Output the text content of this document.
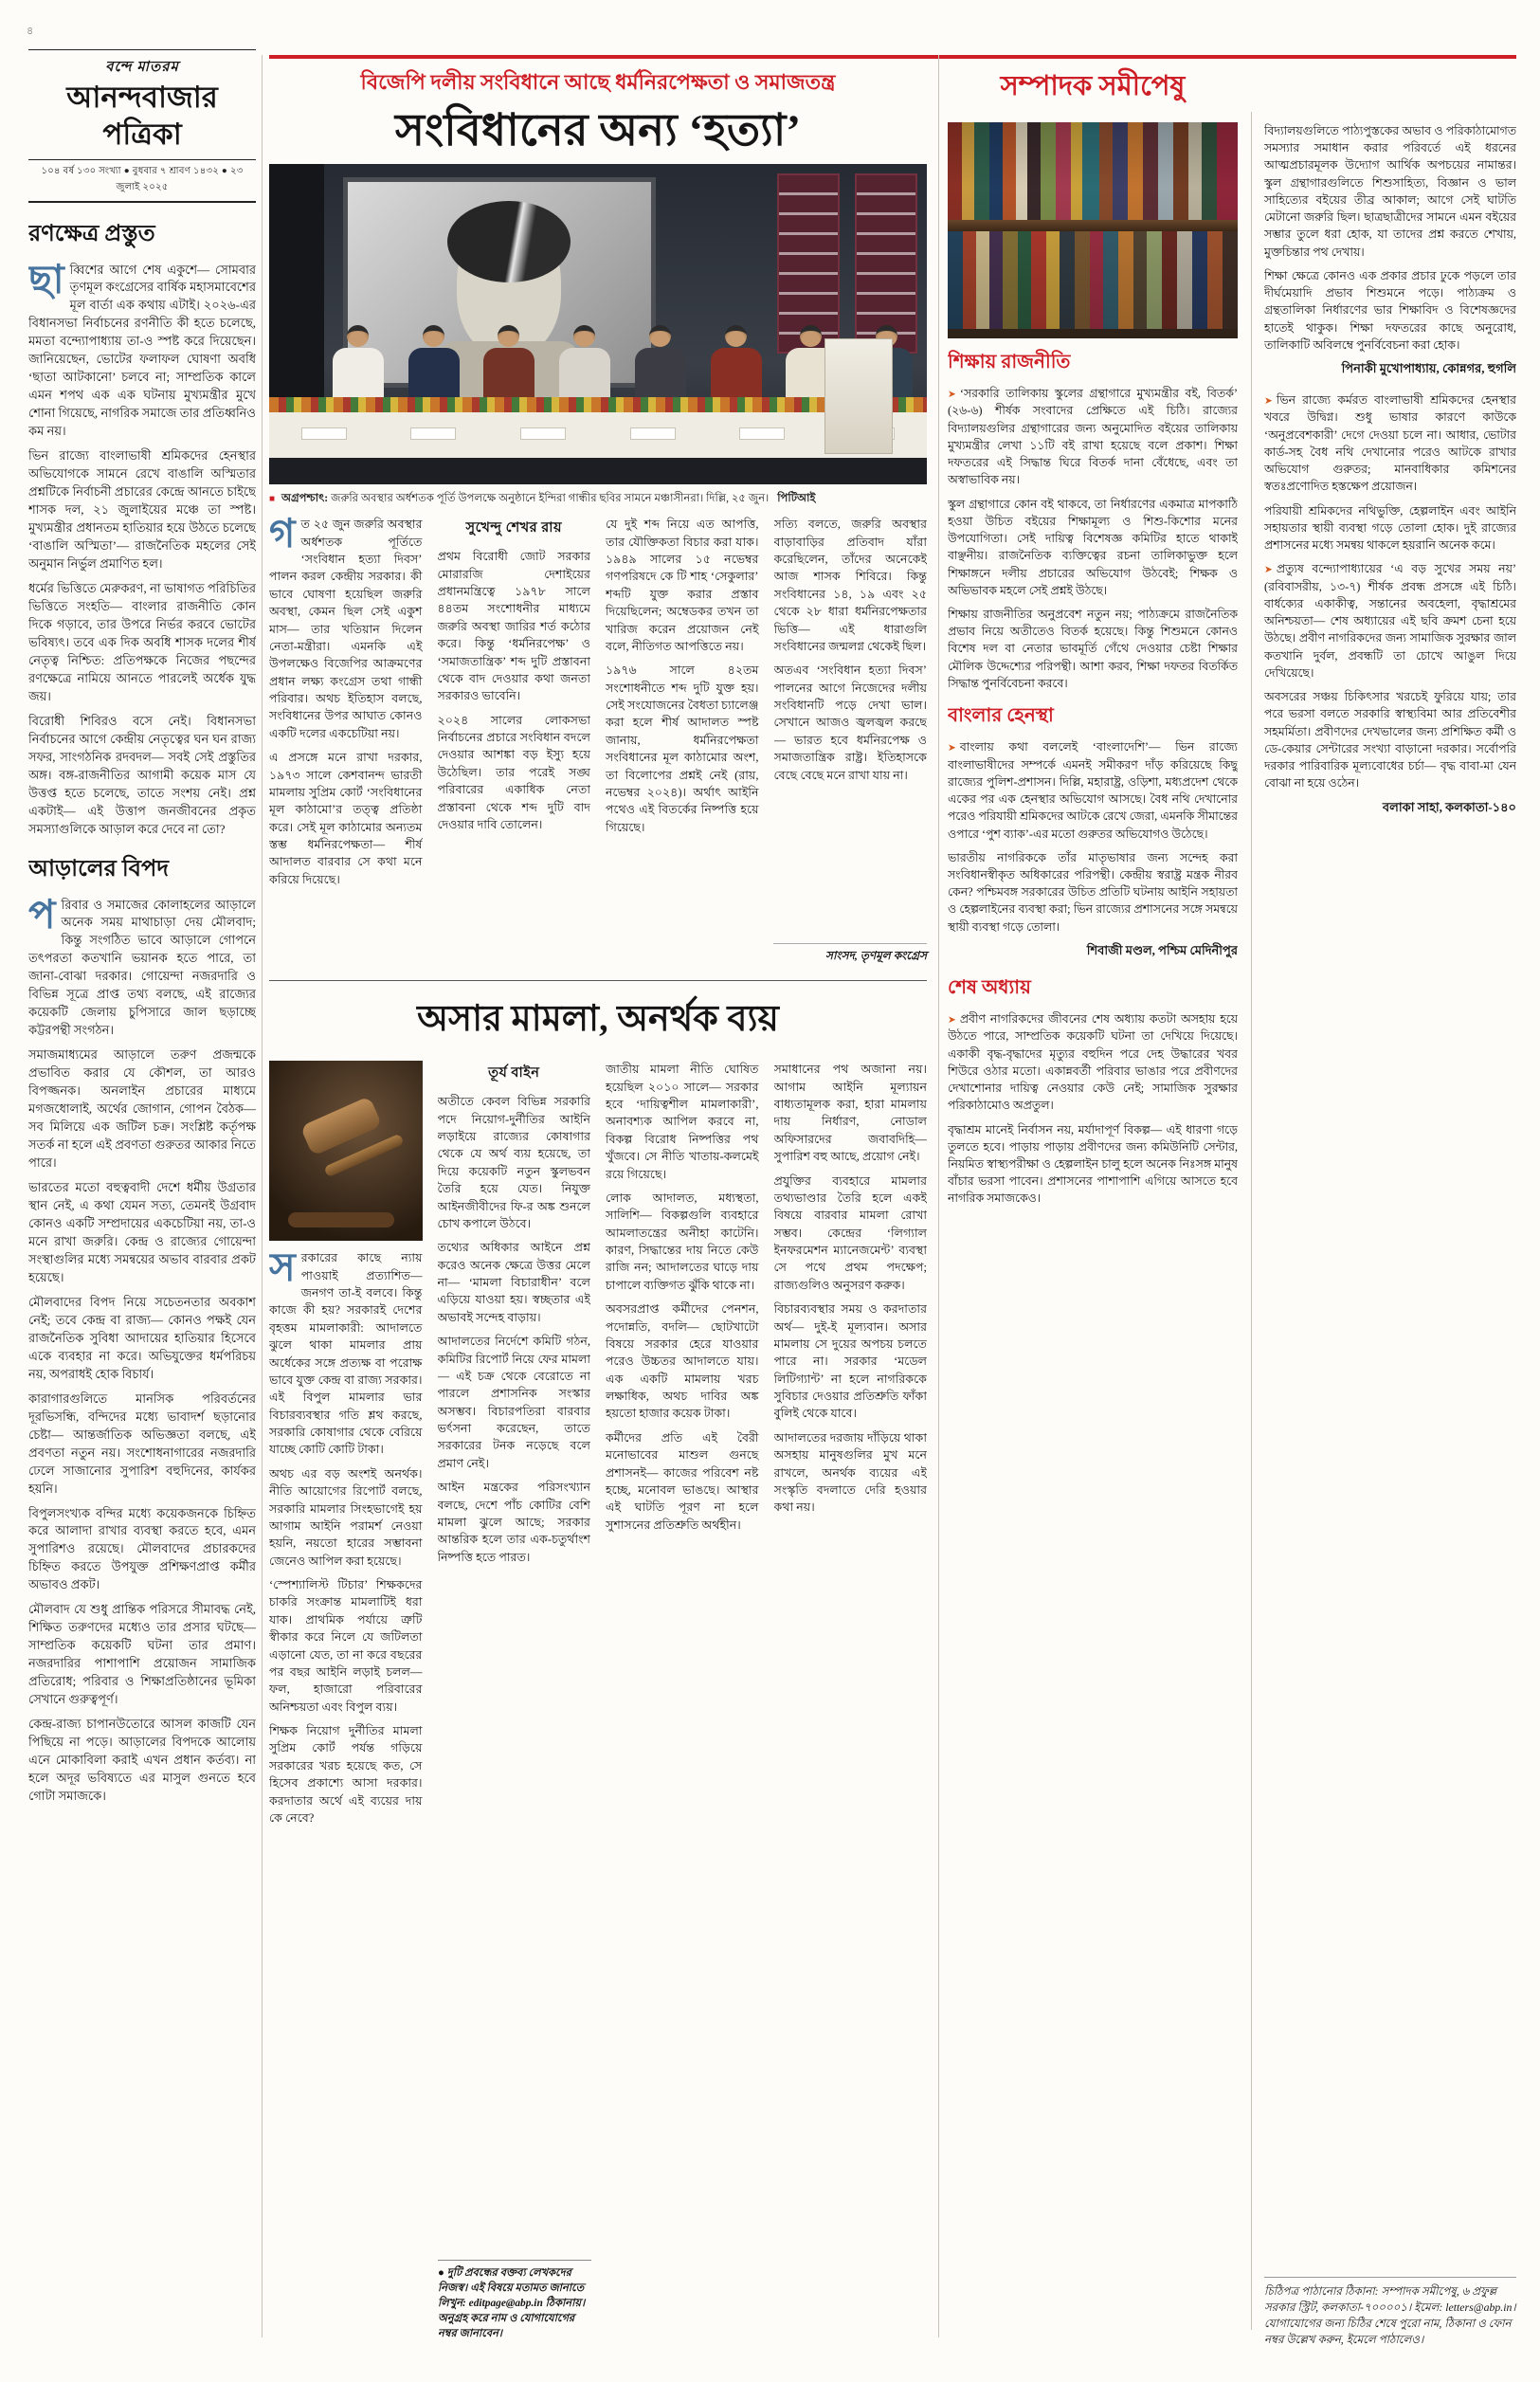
৪
বন্দে মাতরম
আনন্দবাজার পত্রিকা
১০৪ বর্ষ ১৩০ সংখ্যা ● বুধবার ৭ শ্রাবণ ১৪৩২ ● ২৩ জুলাই ২০২৫
রণক্ষেত্র প্রস্তুত

ছাব্বিশের আগে শেষ একুশে— সোমবার তৃণমূল কংগ্রেসের বার্ষিক মহাসমাবেশের মূল বার্তা এক কথায় এটাই। ২০২৬-এর বিধানসভা নির্বাচনের রণনীতি কী হতে চলেছে, মমতা বন্দ্যোপাধ্যায় তা-ও স্পষ্ট করে দিয়েছেন। জানিয়েছেন, ভোটের ফলাফল ঘোষণা অবধি ‘ছাতা আটকানো’ চলবে না; সাম্প্রতিক কালে এমন শপথ এক এক ঘটনায় মুখ্যমন্ত্রীর মুখে শোনা গিয়েছে, নাগরিক সমাজে তার প্রতিধ্বনিও কম নয়।

ভিন রাজ্যে বাংলাভাষী শ্রমিকদের হেনস্থার অভিযোগকে সামনে রেখে বাঙালি অস্মিতার প্রশ্নটিকে নির্বাচনী প্রচারের কেন্দ্রে আনতে চাইছে শাসক দল, ২১ জুলাইয়ের মঞ্চে তা স্পষ্ট। মুখ্যমন্ত্রীর প্রধানতম হাতিয়ার হয়ে উঠতে চলেছে ‘বাঙালি অস্মিতা’— রাজনৈতিক মহলের সেই অনুমান নির্ভুল প্রমাণিত হল।

ধর্মের ভিত্তিতে মেরুকরণ, না ভাষাগত পরিচিতির ভিত্তিতে সংহতি— বাংলার রাজনীতি কোন দিকে গড়াবে, তার উপরে নির্ভর করবে ভোটের ভবিষ্যৎ। তবে এক দিক অবধি শাসক দলের শীর্ষ নেতৃত্ব নিশ্চিত: প্রতিপক্ষকে নিজের পছন্দের রণক্ষেত্রে নামিয়ে আনতে পারলেই অর্ধেক যুদ্ধ জয়।

বিরোধী শিবিরও বসে নেই। বিধানসভা নির্বাচনের আগে কেন্দ্রীয় নেতৃত্বের ঘন ঘন রাজ্য সফর, সাংগঠনিক রদবদল— সবই সেই প্রস্তুতির অঙ্গ। বঙ্গ-রাজনীতির আগামী কয়েক মাস যে উত্তপ্ত হতে চলেছে, তাতে সংশয় নেই। প্রশ্ন একটাই— এই উত্তাপ জনজীবনের প্রকৃত সমস্যাগুলিকে আড়াল করে দেবে না তো?

আড়ালের বিপদ

পরিবার ও সমাজের কোলাহলের আড়ালে অনেক সময় মাথাচাড়া দেয় মৌলবাদ; কিন্তু সংগঠিত ভাবে আড়ালে গোপনে তৎপরতা কতখানি ভয়ানক হতে পারে, তা জানা-বোঝা দরকার। গোয়েন্দা নজরদারি ও বিভিন্ন সূত্রে প্রাপ্ত তথ্য বলছে, এই রাজ্যের কয়েকটি জেলায় চুপিসারে জাল ছড়াচ্ছে কট্টরপন্থী সংগঠন।

সমাজমাধ্যমের আড়ালে তরুণ প্রজন্মকে প্রভাবিত করার যে কৌশল, তা আরও বিপজ্জনক। অনলাইন প্রচারের মাধ্যমে মগজধোলাই, অর্থের জোগান, গোপন বৈঠক— সব মিলিয়ে এক জটিল চক্র। সংশ্লিষ্ট কর্তৃপক্ষ সতর্ক না হলে এই প্রবণতা গুরুতর আকার নিতে পারে।

ভারতের মতো বহুত্ববাদী দেশে ধর্মীয় উগ্রতার স্থান নেই, এ কথা যেমন সত্য, তেমনই উগ্রবাদ কোনও একটি সম্প্রদায়ের একচেটিয়া নয়, তা-ও মনে রাখা জরুরি। কেন্দ্র ও রাজ্যের গোয়েন্দা সংস্থাগুলির মধ্যে সমন্বয়ের অভাব বারবার প্রকট হয়েছে।

মৌলবাদের বিপদ নিয়ে সচেতনতার অবকাশ নেই; তবে কেন্দ্র বা রাজ্য— কোনও পক্ষই যেন রাজনৈতিক সুবিধা আদায়ের হাতিয়ার হিসেবে একে ব্যবহার না করে। অভিযুক্তের ধর্মপরিচয় নয়, অপরাধই হোক বিচার্য।

কারাগারগুলিতে মানসিক পরিবর্তনের দূরভিসন্ধি, বন্দিদের মধ্যে ভাবাদর্শ ছড়ানোর চেষ্টা— আন্তর্জাতিক অভিজ্ঞতা বলছে, এই প্রবণতা নতুন নয়। সংশোধনাগারের নজরদারি ঢেলে সাজানোর সুপারিশ বহুদিনের, কার্যকর হয়নি।

বিপুলসংখ্যক বন্দির মধ্যে কয়েকজনকে চিহ্নিত করে আলাদা রাখার ব্যবস্থা করতে হবে, এমন সুপারিশও রয়েছে। মৌলবাদের প্রচারকদের চিহ্নিত করতে উপযুক্ত প্রশিক্ষণপ্রাপ্ত কর্মীর অভাবও প্রকট।

মৌলবাদ যে শুধু প্রান্তিক পরিসরে সীমাবদ্ধ নেই, শিক্ষিত তরুণদের মধ্যেও তার প্রসার ঘটছে— সাম্প্রতিক কয়েকটি ঘটনা তার প্রমাণ। নজরদারির পাশাপাশি প্রয়োজন সামাজিক প্রতিরোধ; পরিবার ও শিক্ষাপ্রতিষ্ঠানের ভূমিকা সেখানে গুরুত্বপূর্ণ।

কেন্দ্র-রাজ্য চাপানউতোরে আসল কাজটি যেন পিছিয়ে না পড়ে। আড়ালের বিপদকে আলোয় এনে মোকাবিলা করাই এখন প্রধান কর্তব্য। না হলে অদূর ভবিষ্যতে এর মাসুল গুনতে হবে গোটা সমাজকে।

বিজেপি দলীয় সংবিধানে আছে ধর্মনিরপেক্ষতা ও সমাজতন্ত্র
সংবিধানের অন্য ‘হত্যা’
■ অগ্রপশ্চাৎ: জরুরি অবস্থার অর্ধশতক পূর্তি উপলক্ষে অনুষ্ঠানে ইন্দিরা গান্ধীর ছবির সামনে মঞ্চাসীনরা। দিল্লি, ২৫ জুন। পিটিআই

গত ২৫ জুন জরুরি অবস্থার অর্ধশতক পূর্তিতে ‘সংবিধান হত্যা দিবস’ পালন করল কেন্দ্রীয় সরকার। কী ভাবে ঘোষণা হয়েছিল জরুরি অবস্থা, কেমন ছিল সেই একুশ মাস— তার খতিয়ান দিলেন নেতা-মন্ত্রীরা। এমনকি এই উপলক্ষেও বিজেপির আক্রমণের প্রধান লক্ষ্য কংগ্রেস তথা গান্ধী পরিবার। অথচ ইতিহাস বলছে, সংবিধানের উপর আঘাত কোনও একটি দলের একচেটিয়া নয়।

এ প্রসঙ্গে মনে রাখা দরকার, ১৯৭৩ সালে কেশবানন্দ ভারতী মামলায় সুপ্রিম কোর্ট ‘সংবিধানের মূল কাঠামো’র তত্ত্ব প্রতিষ্ঠা করে। সেই মূল কাঠামোর অন্যতম স্তম্ভ ধর্মনিরপেক্ষতা— শীর্ষ আদালত বারবার সে কথা মনে করিয়ে দিয়েছে।

সুখেন্দু শেখর রায়

প্রথম বিরোধী জোট সরকার মোরারজি দেশাইয়ের প্রধানমন্ত্রিত্বে ১৯৭৮ সালে ৪৪তম সংশোধনীর মাধ্যমে জরুরি অবস্থা জারির শর্ত কঠোর করে। কিন্তু ‘ধর্মনিরপেক্ষ’ ও ‘সমাজতান্ত্রিক’ শব্দ দুটি প্রস্তাবনা থেকে বাদ দেওয়ার কথা জনতা সরকারও ভাবেনি।

২০২৪ সালের লোকসভা নির্বাচনের প্রচারে সংবিধান বদলে দেওয়ার আশঙ্কা বড় ইস্যু হয়ে উঠেছিল। তার পরেই সঙ্ঘ পরিবারের একাধিক নেতা প্রস্তাবনা থেকে শব্দ দুটি বাদ দেওয়ার দাবি তোলেন।

যে দুই শব্দ নিয়ে এত আপত্তি, তার যৌক্তিকতা বিচার করা যাক। ১৯৪৯ সালের ১৫ নভেম্বর গণপরিষদে কে টি শাহ ‘সেকুলার’ শব্দটি যুক্ত করার প্রস্তাব দিয়েছিলেন; অম্বেডকর তখন তা খারিজ করেন প্রয়োজন নেই বলে, নীতিগত আপত্তিতে নয়।

১৯৭৬ সালে ৪২তম সংশোধনীতে শব্দ দুটি যুক্ত হয়। সেই সংযোজনের বৈধতা চ্যালেঞ্জ করা হলে শীর্ষ আদালত স্পষ্ট জানায়, ধর্মনিরপেক্ষতা সংবিধানের মূল কাঠামোর অংশ, তা বিলোপের প্রশ্নই নেই (রায়, নভেম্বর ২০২৪)। অর্থাৎ আইনি পথেও এই বিতর্কের নিষ্পত্তি হয়ে গিয়েছে।

সত্যি বলতে, জরুরি অবস্থার বাড়াবাড়ির প্রতিবাদ যাঁরা করেছিলেন, তাঁদের অনেকেই আজ শাসক শিবিরে। কিন্তু সংবিধানের ১৪, ১৯ এবং ২৫ থেকে ২৮ ধারা ধর্মনিরপেক্ষতার ভিত্তি— এই ধারাগুলি সংবিধানের জন্মলগ্ন থেকেই ছিল।

অতএব ‘সংবিধান হত্যা দিবস’ পালনের আগে নিজেদের দলীয় সংবিধানটি পড়ে দেখা ভাল। সেখানে আজও জ্বলজ্বল করছে— ভারত হবে ধর্মনিরপেক্ষ ও সমাজতান্ত্রিক রাষ্ট্র। ইতিহাসকে বেছে বেছে মনে রাখা যায় না।

সাংসদ, তৃণমূল কংগ্রেস
অসার মামলা, অনর্থক ব্যয়

সরকারের কাছে ন্যায় পাওয়াই প্রত্যাশিত— জনগণ তা-ই বলবে। কিন্তু কাজে কী হয়? সরকারই দেশের বৃহত্তম মামলাকারী: আদালতে ঝুলে থাকা মামলার প্রায় অর্ধেকের সঙ্গে প্রত্যক্ষ বা পরোক্ষ ভাবে যুক্ত কেন্দ্র বা রাজ্য সরকার। এই বিপুল মামলার ভার বিচারব্যবস্থার গতি শ্লথ করছে, সরকারি কোষাগার থেকে বেরিয়ে যাচ্ছে কোটি কোটি টাকা।

অথচ এর বড় অংশই অনর্থক। নীতি আয়োগের রিপোর্ট বলছে, সরকারি মামলার সিংহভাগেই হয় আগাম আইনি পরামর্শ নেওয়া হয়নি, নয়তো হারের সম্ভাবনা জেনেও আপিল করা হয়েছে।

‘স্পেশ্যালিস্ট টিচার’ শিক্ষকদের চাকরি সংক্রান্ত মামলাটিই ধরা যাক। প্রাথমিক পর্যায়ে ত্রুটি স্বীকার করে নিলে যে জটিলতা এড়ানো যেত, তা না করে বছরের পর বছর আইনি লড়াই চলল— ফল, হাজারো পরিবারের অনিশ্চয়তা এবং বিপুল ব্যয়।

শিক্ষক নিয়োগ দুর্নীতির মামলা সুপ্রিম কোর্ট পর্যন্ত গড়িয়ে সরকারের খরচ হয়েছে কত, সে হিসেব প্রকাশ্যে আসা দরকার। করদাতার অর্থে এই ব্যয়ের দায় কে নেবে?

তূর্য বাইন

অতীতে কেবল বিভিন্ন সরকারি পদে নিয়োগ-দুর্নীতির আইনি লড়াইয়ে রাজ্যের কোষাগার থেকে যে অর্থ ব্যয় হয়েছে, তা দিয়ে কয়েকটি নতুন স্কুলভবন তৈরি হয়ে যেত। নিযুক্ত আইনজীবীদের ফি-র অঙ্ক শুনলে চোখ কপালে উঠবে।

তথ্যের অধিকার আইনে প্রশ্ন করেও অনেক ক্ষেত্রে উত্তর মেলে না— ‘মামলা বিচারাধীন’ বলে এড়িয়ে যাওয়া হয়। স্বচ্ছতার এই অভাবই সন্দেহ বাড়ায়।

আদালতের নির্দেশে কমিটি গঠন, কমিটির রিপোর্ট নিয়ে ফের মামলা— এই চক্র থেকে বেরোতে না পারলে প্রশাসনিক সংস্কার অসম্ভব। বিচারপতিরা বারবার ভর্ৎসনা করেছেন, তাতে সরকারের টনক নড়েছে বলে প্রমাণ নেই।

আইন মন্ত্রকের পরিসংখ্যান বলছে, দেশে পাঁচ কোটির বেশি মামলা ঝুলে আছে; সরকার আন্তরিক হলে তার এক-চতুর্থাংশ নিষ্পত্তি হতে পারত।

জাতীয় মামলা নীতি ঘোষিত হয়েছিল ২০১০ সালে— সরকার হবে ‘দায়িত্বশীল মামলাকারী’, অনাবশ্যক আপিল করবে না, বিকল্প বিরোধ নিষ্পত্তির পথ খুঁজবে। সে নীতি খাতায়-কলমেই রয়ে গিয়েছে।

লোক আদালত, মধ্যস্থতা, সালিশি— বিকল্পগুলি ব্যবহারে আমলাতন্ত্রের অনীহা কাটেনি। কারণ, সিদ্ধান্তের দায় নিতে কেউ রাজি নন; আদালতের ঘাড়ে দায় চাপালে ব্যক্তিগত ঝুঁকি থাকে না।

অবসরপ্রাপ্ত কর্মীদের পেনশন, পদোন্নতি, বদলি— ছোটখাটো বিষয়ে সরকার হেরে যাওয়ার পরেও উচ্চতর আদালতে যায়। এক একটি মামলায় খরচ লক্ষাধিক, অথচ দাবির অঙ্ক হয়তো হাজার কয়েক টাকা।

কর্মীদের প্রতি এই বৈরী মনোভাবের মাশুল গুনছে প্রশাসনই— কাজের পরিবেশ নষ্ট হচ্ছে, মনোবল ভাঙছে। আস্থার এই ঘাটতি পূরণ না হলে সুশাসনের প্রতিশ্রুতি অর্থহীন।

সমাধানের পথ অজানা নয়। আগাম আইনি মূল্যায়ন বাধ্যতামূলক করা, হারা মামলায় দায় নির্ধারণ, নোডাল অফিসারদের জবাবদিহি— সুপারিশ বহু আছে, প্রয়োগ নেই।

প্রযুক্তির ব্যবহারে মামলার তথ্যভাণ্ডার তৈরি হলে একই বিষয়ে বারবার মামলা রোখা সম্ভব। কেন্দ্রের ‘লিগ্যাল ইনফরমেশন ম্যানেজমেন্ট’ ব্যবস্থা সে পথে প্রথম পদক্ষেপ; রাজ্যগুলিও অনুসরণ করুক।

বিচারব্যবস্থার সময় ও করদাতার অর্থ— দুই-ই মূল্যবান। অসার মামলায় সে দুয়ের অপচয় চলতে পারে না। সরকার ‘মডেল লিটিগ্যান্ট’ না হলে নাগরিককে সুবিচার দেওয়ার প্রতিশ্রুতি ফাঁকা বুলিই থেকে যাবে।

আদালতের দরজায় দাঁড়িয়ে থাকা অসহায় মানুষগুলির মুখ মনে রাখলে, অনর্থক ব্যয়ের এই সংস্কৃতি বদলাতে দেরি হওয়ার কথা নয়।

● দুটি প্রবন্ধের বক্তব্য লেখকদের নিজস্ব। এই বিষয়ে মতামত জানাতে লিখুন: editpage@abp.in ঠিকানায়। অনুগ্রহ করে নাম ও যোগাযোগের নম্বর জানাবেন।
সম্পাদক সমীপেষু
শিক্ষায় রাজনীতি

➤ ‘সরকারি তালিকায় স্কুলের গ্রন্থাগারে মুখ্যমন্ত্রীর বই, বিতর্ক’ (২৬-৬) শীর্ষক সংবাদের প্রেক্ষিতে এই চিঠি। রাজ্যের বিদ্যালয়গুলির গ্রন্থাগারের জন্য অনুমোদিত বইয়ের তালিকায় মুখ্যমন্ত্রীর লেখা ১১টি বই রাখা হয়েছে বলে প্রকাশ। শিক্ষা দফতরের এই সিদ্ধান্ত ঘিরে বিতর্ক দানা বেঁধেছে, এবং তা অস্বাভাবিক নয়।

স্কুল গ্রন্থাগারে কোন বই থাকবে, তা নির্ধারণের একমাত্র মাপকাঠি হওয়া উচিত বইয়ের শিক্ষামূল্য ও শিশু-কিশোর মনের উপযোগিতা। সেই দায়িত্ব বিশেষজ্ঞ কমিটির হাতে থাকাই বাঞ্ছনীয়। রাজনৈতিক ব্যক্তিত্বের রচনা তালিকাভুক্ত হলে শিক্ষাঙ্গনে দলীয় প্রচারের অভিযোগ উঠবেই; শিক্ষক ও অভিভাবক মহলে সেই প্রশ্নই উঠছে।

শিক্ষায় রাজনীতির অনুপ্রবেশ নতুন নয়; পাঠ্যক্রমে রাজনৈতিক প্রভাব নিয়ে অতীতেও বিতর্ক হয়েছে। কিন্তু শিশুমনে কোনও বিশেষ দল বা নেতার ভাবমূর্তি গেঁথে দেওয়ার চেষ্টা শিক্ষার মৌলিক উদ্দেশ্যের পরিপন্থী। আশা করব, শিক্ষা দফতর বিতর্কিত সিদ্ধান্ত পুনর্বিবেচনা করবে।

বাংলার হেনস্থা

➤ বাংলায় কথা বললেই ‘বাংলাদেশি’— ভিন রাজ্যে বাংলাভাষীদের সম্পর্কে এমনই সমীকরণ দাঁড় করিয়েছে কিছু রাজ্যের পুলিশ-প্রশাসন। দিল্লি, মহারাষ্ট্র, ওড়িশা, মধ্যপ্রদেশ থেকে একের পর এক হেনস্থার অভিযোগ আসছে। বৈধ নথি দেখানোর পরেও পরিযায়ী শ্রমিকদের আটকে রেখে জেরা, এমনকি সীমান্তের ওপারে ‘পুশ ব্যাক’-এর মতো গুরুতর অভিযোগও উঠেছে।

ভারতীয় নাগরিককে তাঁর মাতৃভাষার জন্য সন্দেহ করা সংবিধানস্বীকৃত অধিকারের পরিপন্থী। কেন্দ্রীয় স্বরাষ্ট্র মন্ত্রক নীরব কেন? পশ্চিমবঙ্গ সরকারের উচিত প্রতিটি ঘটনায় আইনি সহায়তা ও হেল্পলাইনের ব্যবস্থা করা; ভিন রাজ্যের প্রশাসনের সঙ্গে সমন্বয়ে স্থায়ী ব্যবস্থা গড়ে তোলা।

শিবাজী মণ্ডল, পশ্চিম মেদিনীপুর
শেষ অধ্যায়

➤ প্রবীণ নাগরিকদের জীবনের শেষ অধ্যায় কতটা অসহায় হয়ে উঠতে পারে, সাম্প্রতিক কয়েকটি ঘটনা তা দেখিয়ে দিয়েছে। একাকী বৃদ্ধ-বৃদ্ধাদের মৃত্যুর বহুদিন পরে দেহ উদ্ধারের খবর শিউরে ওঠার মতো। একান্নবর্তী পরিবার ভাঙার পরে প্রবীণদের দেখাশোনার দায়িত্ব নেওয়ার কেউ নেই; সামাজিক সুরক্ষার পরিকাঠামোও অপ্রতুল।

বৃদ্ধাশ্রম মানেই নির্বাসন নয়, মর্যাদাপূর্ণ বিকল্প— এই ধারণা গড়ে তুলতে হবে। পাড়ায় পাড়ায় প্রবীণদের জন্য কমিউনিটি সেন্টার, নিয়মিত স্বাস্থ্যপরীক্ষা ও হেল্পলাইন চালু হলে অনেক নিঃসঙ্গ মানুষ বাঁচার ভরসা পাবেন। প্রশাসনের পাশাপাশি এগিয়ে আসতে হবে নাগরিক সমাজকেও।

বিদ্যালয়গুলিতে পাঠ্যপুস্তকের অভাব ও পরিকাঠামোগত সমস্যার সমাধান করার পরিবর্তে এই ধরনের আত্মপ্রচারমূলক উদ্যোগ আর্থিক অপচয়ের নামান্তর। স্কুল গ্রন্থাগারগুলিতে শিশুসাহিত্য, বিজ্ঞান ও ভাল সাহিত্যের বইয়ের তীব্র আকাল; আগে সেই ঘাটতি মেটানো জরুরি ছিল। ছাত্রছাত্রীদের সামনে এমন বইয়ের সম্ভার তুলে ধরা হোক, যা তাদের প্রশ্ন করতে শেখায়, মুক্তচিন্তার পথ দেখায়।

শিক্ষা ক্ষেত্রে কোনও এক প্রকার প্রচার ঢুকে পড়লে তার দীর্ঘমেয়াদি প্রভাব শিশুমনে পড়ে। পাঠ্যক্রম ও গ্রন্থতালিকা নির্ধারণের ভার শিক্ষাবিদ ও বিশেষজ্ঞদের হাতেই থাকুক। শিক্ষা দফতরের কাছে অনুরোধ, তালিকাটি অবিলম্বে পুনর্বিবেচনা করা হোক।

পিনাকী মুখোপাধ্যায়, কোন্নগর, হুগলি

➤ ভিন রাজ্যে কর্মরত বাংলাভাষী শ্রমিকদের হেনস্থার খবরে উদ্বিগ্ন। শুধু ভাষার কারণে কাউকে ‘অনুপ্রবেশকারী’ দেগে দেওয়া চলে না। আধার, ভোটার কার্ড-সহ বৈধ নথি দেখানোর পরেও আটকে রাখার অভিযোগ গুরুতর; মানবাধিকার কমিশনের স্বতঃপ্রণোদিত হস্তক্ষেপ প্রয়োজন।

পরিযায়ী শ্রমিকদের নথিভুক্তি, হেল্পলাইন এবং আইনি সহায়তার স্থায়ী ব্যবস্থা গড়ে তোলা হোক। দুই রাজ্যের প্রশাসনের মধ্যে সমন্বয় থাকলে হয়রানি অনেক কমে।

➤ প্রত্যুষ বন্দ্যোপাধ্যায়ের ‘এ বড় সুখের সময় নয়’ (রবিবাসরীয়, ১৩-৭) শীর্ষক প্রবন্ধ প্রসঙ্গে এই চিঠি। বার্ধক্যের একাকীত্ব, সন্তানের অবহেলা, বৃদ্ধাশ্রমের অনিশ্চয়তা— শেষ অধ্যায়ের এই ছবি ক্রমশ চেনা হয়ে উঠছে। প্রবীণ নাগরিকদের জন্য সামাজিক সুরক্ষার জাল কতখানি দুর্বল, প্রবন্ধটি তা চোখে আঙুল দিয়ে দেখিয়েছে।

অবসরের সঞ্চয় চিকিৎসার খরচেই ফুরিয়ে যায়; তার পরে ভরসা বলতে সরকারি স্বাস্থ্যবিমা আর প্রতিবেশীর সহমর্মিতা। প্রবীণদের দেখভালের জন্য প্রশিক্ষিত কর্মী ও ডে-কেয়ার সেন্টারের সংখ্যা বাড়ানো দরকার। সর্বোপরি দরকার পারিবারিক মূল্যবোধের চর্চা— বৃদ্ধ বাবা-মা যেন বোঝা না হয়ে ওঠেন।

বলাকা সাহা, কলকাতা-১৪০
চিঠিপত্র পাঠানোর ঠিকানা: সম্পাদক সমীপেষু, ৬ প্রফুল্ল সরকার স্ট্রিট, কলকাতা-৭০০০০১। ইমেল: letters@abp.in। যোগাযোগের জন্য চিঠির শেষে পুরো নাম, ঠিকানা ও ফোন নম্বর উল্লেখ করুন, ইমেলে পাঠালেও।
